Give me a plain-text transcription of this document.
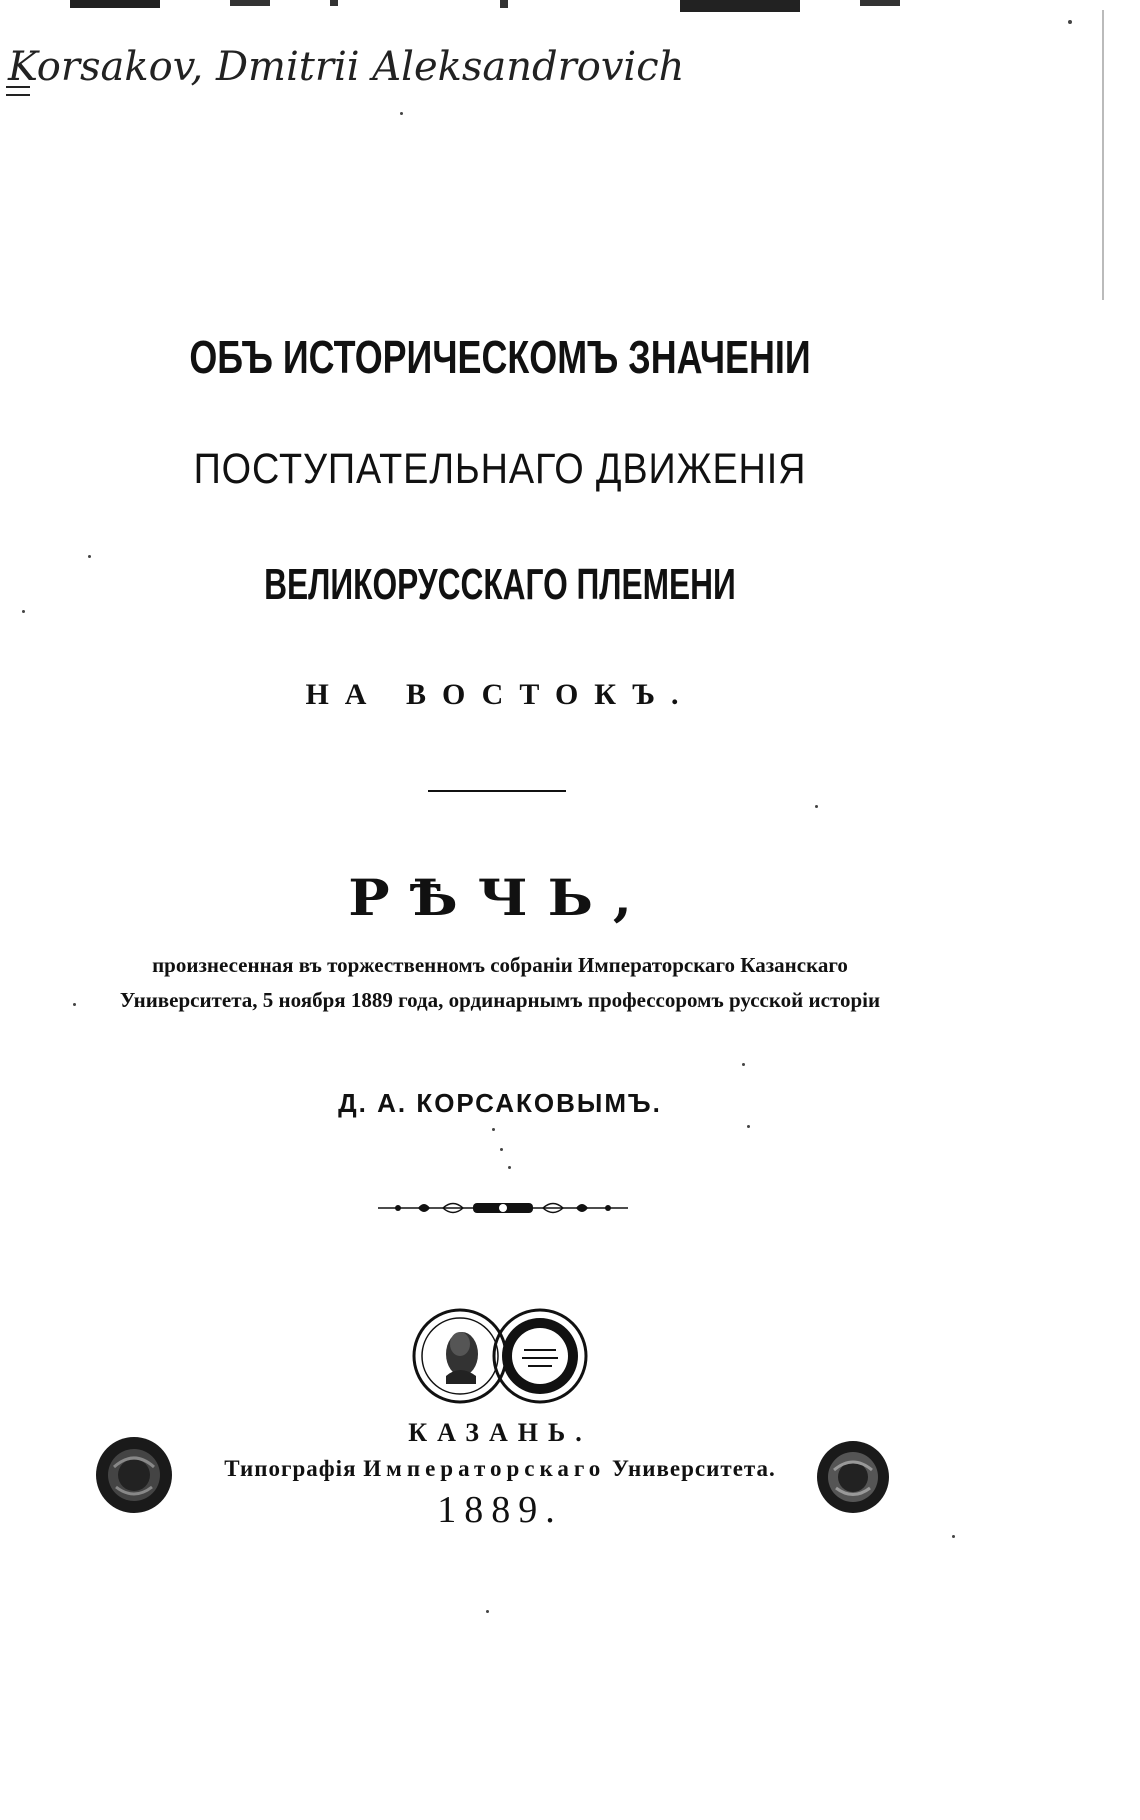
Korsakov, Dmitrii Aleksandrovich
ОБЪ ИСТОРИЧЕСКОМЪ ЗНАЧЕНІИ
ПОСТУПАТЕЛЬНАГО ДВИЖЕНІЯ
ВЕЛИКОРУССКАГО ПЛЕМЕНИ
НА ВОСТОКЪ.
РѢЧЬ,
произнесенная въ торжественномъ собраніи Императорскаго Казанскаго Университета, 5 ноября 1889 года, ординарнымъ профессоромъ русской исторіи
Д. А. КОРСАКОВЫМЪ.
КАЗАНЬ.
Типографія Императорскаго Университета.
1889.
